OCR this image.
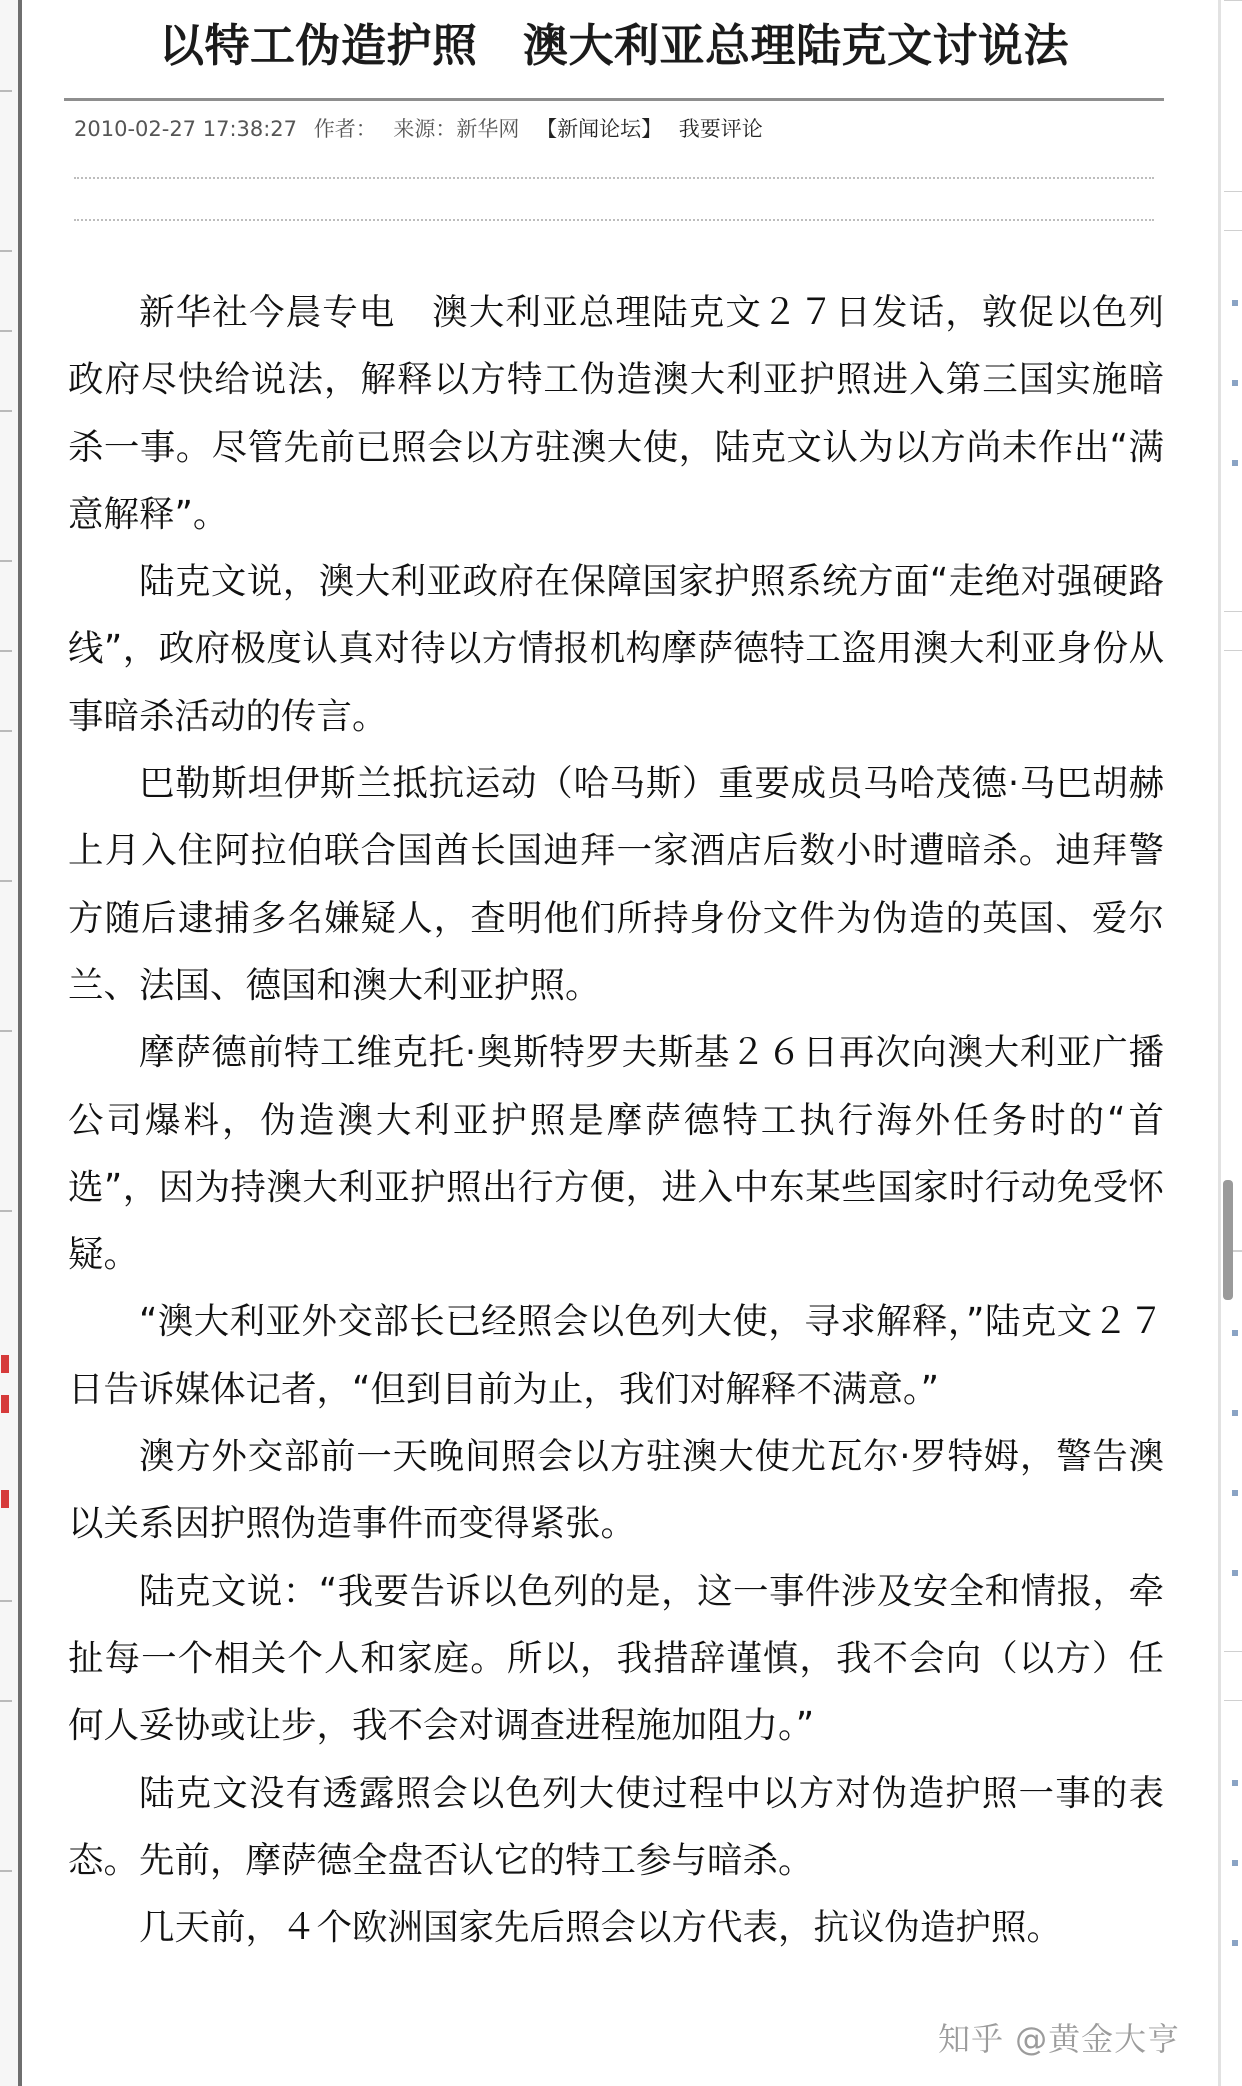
以特工伪造护照　澳大利亚总理陆克文讨说法
2010-02-27 17:38:27 作者： 来源：新华网 【新闻论坛】 我要评论

新华社今晨专电　澳大利亚总理陆克文２７日发话，敦促以色列政府尽快给说法，解释以方特工伪造澳大利亚护照进入第三国实施暗杀一事。尽管先前已照会以方驻澳大使，陆克文认为以方尚未作出“满意解释”。

陆克文说，澳大利亚政府在保障国家护照系统方面“走绝对强硬路线”，政府极度认真对待以方情报机构摩萨德特工盗用澳大利亚身份从事暗杀活动的传言。

巴勒斯坦伊斯兰抵抗运动（哈马斯）重要成员马哈茂德·马巴胡赫上月入住阿拉伯联合国酋长国迪拜一家酒店后数小时遭暗杀。迪拜警方随后逮捕多名嫌疑人，查明他们所持身份文件为伪造的英国、爱尔兰、法国、德国和澳大利亚护照。

摩萨德前特工维克托·奥斯特罗夫斯基２６日再次向澳大利亚广播公司爆料，伪造澳大利亚护照是摩萨德特工执行海外任务时的“首选”，因为持澳大利亚护照出行方便，进入中东某些国家时行动免受怀疑。

“澳大利亚外交部长已经照会以色列大使，寻求解释，”陆克文２７日告诉媒体记者，“但到目前为止，我们对解释不满意。”

澳方外交部前一天晚间照会以方驻澳大使尤瓦尔·罗特姆，警告澳以关系因护照伪造事件而变得紧张。

陆克文说：“我要告诉以色列的是，这一事件涉及安全和情报，牵扯每一个相关个人和家庭。所以，我措辞谨慎，我不会向（以方）任何人妥协或让步，我不会对调查进程施加阻力。”

陆克文没有透露照会以色列大使过程中以方对伪造护照一事的表态。先前，摩萨德全盘否认它的特工参与暗杀。

几天前，４个欧洲国家先后照会以方代表，抗议伪造护照。

知乎 @黄金大亨
